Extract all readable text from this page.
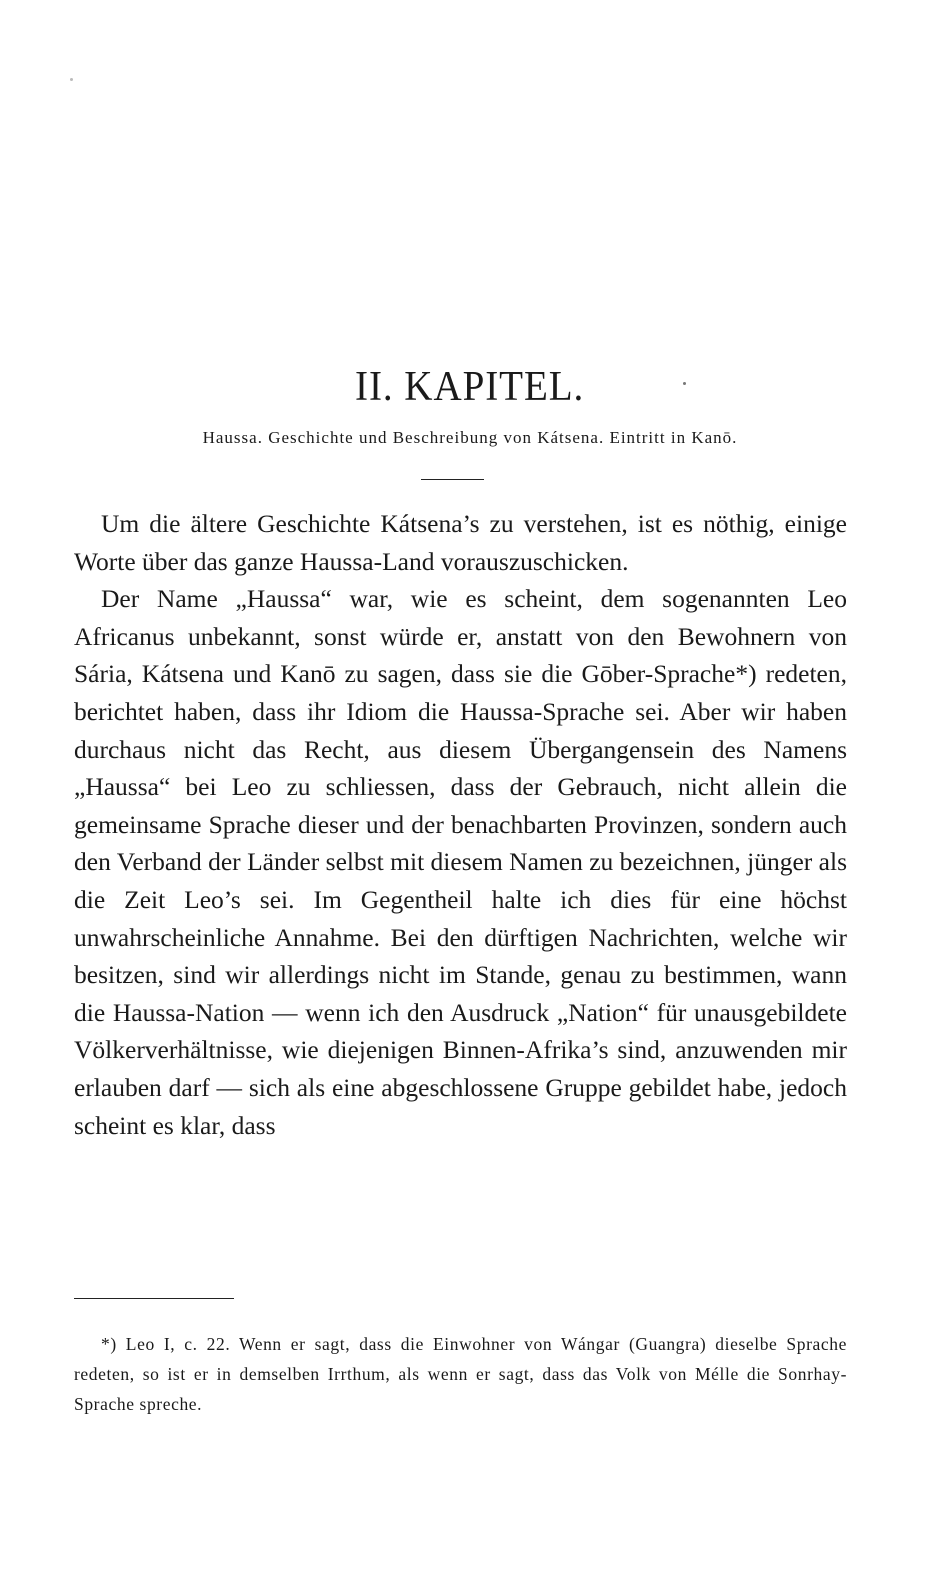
II. KAPITEL.
Haussa. Geschichte und Beschreibung von Kátsena. Eintritt in Kanō.

Um die ältere Geschichte Kátsena’s zu verstehen, ist es nöthig, einige Worte über das ganze Haussa-Land vorauszuschicken.

Der Name „Haussa“ war, wie es scheint, dem sogenannten Leo Africanus unbekannt, sonst würde er, anstatt von den Bewohnern von Sária, Kátsena und Kanō zu sagen, dass sie die Gōber-Sprache*) redeten, berichtet haben, dass ihr Idiom die Haussa-Sprache sei. Aber wir haben durchaus nicht das Recht, aus diesem Übergangensein des Namens „Haussa“ bei Leo zu schliessen, dass der Gebrauch, nicht allein die gemeinsame Sprache dieser und der benachbarten Provinzen, sondern auch den Verband der Länder selbst mit diesem Namen zu bezeichnen, jünger als die Zeit Leo’s sei. Im Gegentheil halte ich dies für eine höchst unwahrscheinliche Annahme. Bei den dürftigen Nachrichten, welche wir besitzen, sind wir allerdings nicht im Stande, genau zu bestimmen, wann die Haussa-Nation — wenn ich den Ausdruck „Nation“ für unausgebildete Völkerverhältnisse, wie diejenigen Binnen-Afrika’s sind, anzuwenden mir erlauben darf — sich als eine abgeschlossene Gruppe gebildet habe, jedoch scheint es klar, dass

*) Leo I, c. 22. Wenn er sagt, dass die Einwohner von Wángar (Guangra) dieselbe Sprache redeten, so ist er in demselben Irrthum, als wenn er sagt, dass das Volk von Mélle die Sonrhay-Sprache spreche.
